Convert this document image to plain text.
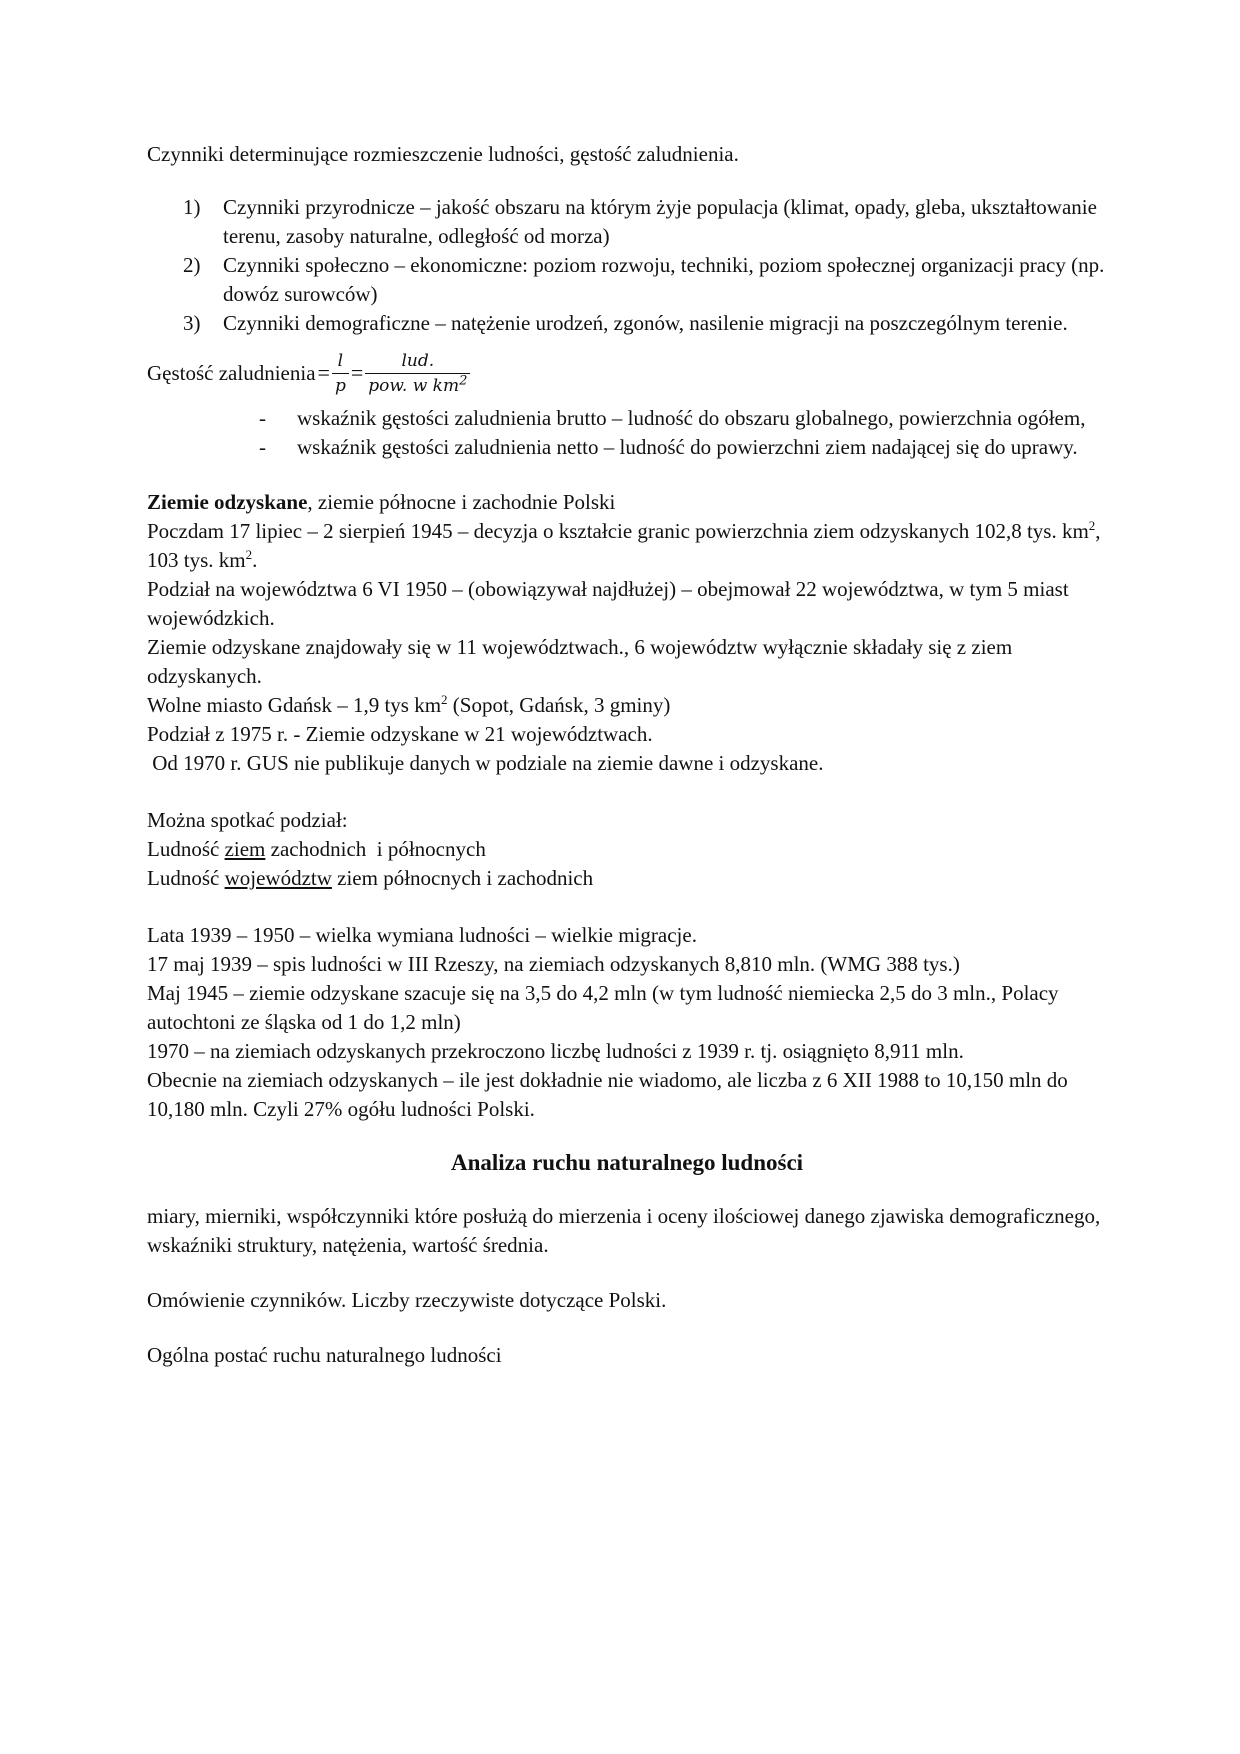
Czynniki determinujące rozmieszczenie ludności, gęstość zaludnienia.

1) Czynniki przyrodnicze – jakość obszaru na którym żyje populacja (klimat, opady, gleba, ukształtowanie terenu, zasoby naturalne, odległość od morza)
2) Czynniki społeczno – ekonomiczne: poziom rozwoju, techniki, poziom społecznej organizacji pracy (np. dowóz surowców)
3) Czynniki demograficzne – natężenie urodzeń, zgonów, nasilenie migracji na poszczególnym terenie.
Gęstość zaludnienia= $\frac{l}{p} = \frac{\text{lud.}}{pow. w km^2}$
- wskaźnik gęstości zaludnienia brutto – ludność do obszaru globalnego, powierzchnia ogółem,
- wskaźnik gęstości zaludnienia netto – ludność do powierzchni ziem nadającej się do uprawy.

Ziemie odzyskane, ziemie północne i zachodnie Polski

Poczdam 17 lipiec – 2 sierpień 1945 – decyzja o kształcie granic powierzchnia ziem odzyskanych 102,8 tys. $km^2$, 103 tys. $km^2$.

Podział na województwa 6 VI 1950 – (obowiązywał najdłużej) – obejmował 22 województwa, w tym 5 miast wojewódzkich.

Ziemie odzyskane znajdowały się w 11 województwach., 6 województw wyłącznie składały się z ziem odzyskanych.

Wolne miasto Gdańsk – 1,9 tys $km^2$ (Sopot, Gdańsk, 3 gminy)

Podział z 1975 r. - Ziemie odzyskane w 21 województwach.

Od 1970 r. GUS nie publikuje danych w podziale na ziemie dawne i odzyskane.

Można spotkać podział:

Ludność ziem zachodnich  i północnych

Ludność województw ziem północnych i zachodnich

Lata 1939 – 1950 – wielka wymiana ludności – wielkie migracje.

17 maj 1939 – spis ludności w III Rzeszy, na ziemiach odzyskanych 8,810 mln. (WMG 388 tys.)

Maj 1945 – ziemie odzyskane szacuje się na 3,5 do 4,2 mln (w tym ludność niemiecka 2,5 do 3 mln., Polacy autochtoni ze śląska od 1 do 1,2 mln)

1970 – na ziemiach odzyskanych przekroczono liczbę ludności z 1939 r. tj. osiągnięto 8,911 mln.

Obecnie na ziemiach odzyskanych – ile jest dokładnie nie wiadomo, ale liczba z 6 XII 1988 to 10,150 mln do 10,180 mln. Czyli 27% ogółu ludności Polski.

Analiza ruchu naturalnego ludności

miary, mierniki, współczynniki które posłużą do mierzenia i oceny ilościowej danego zjawiska demograficznego, wskaźniki struktury, natężenia, wartość średnia.

Omówienie czynników. Liczby rzeczywiste dotyczące Polski.

Ogólna postać ruchu naturalnego ludności
